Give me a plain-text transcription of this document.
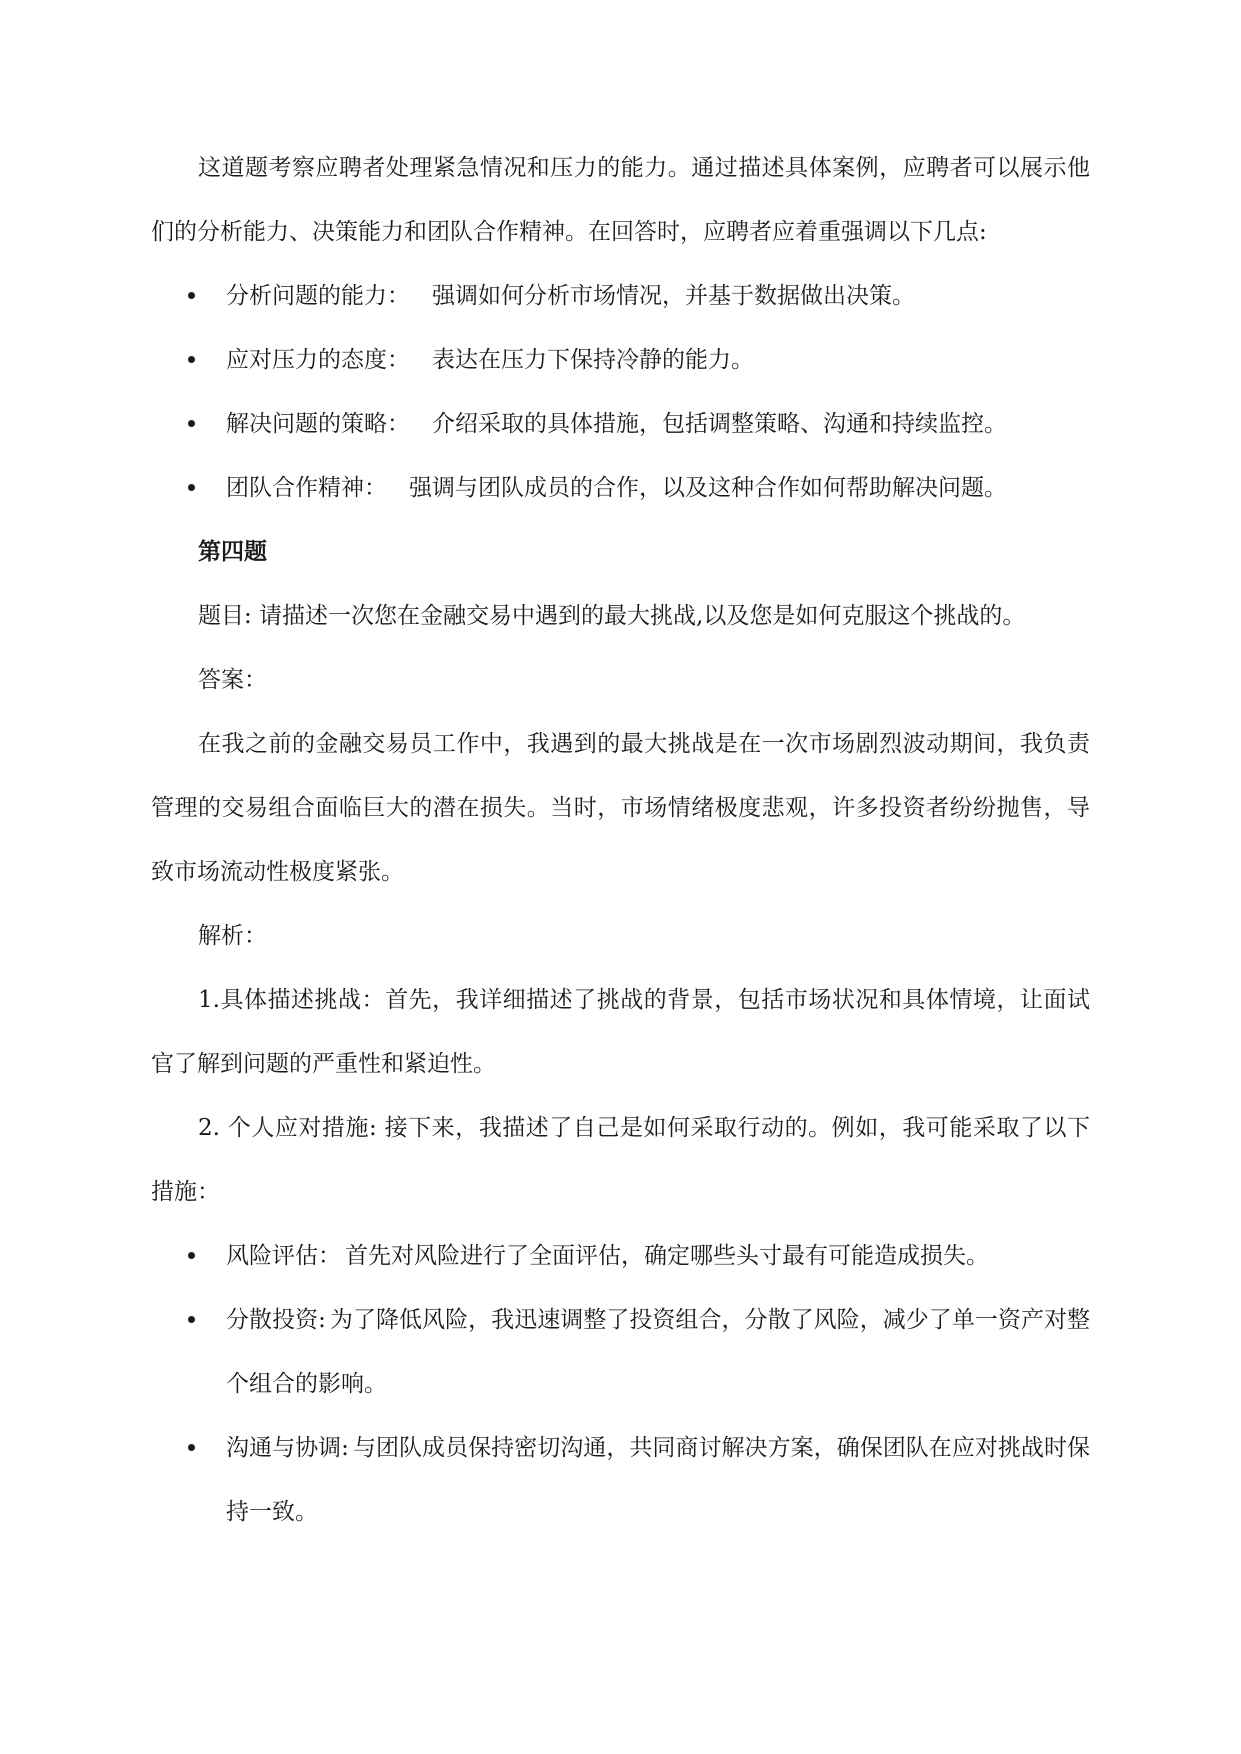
这道题考察应聘者处理紧急情况和压力的能力。通过描述具体案例，应聘者可以展示他们的分析能力、决策能力和团队合作精神。在回答时，应聘者应着重强调以下几点:

分析问题的能力： 强调如何分析市场情况，并基于数据做出决策。
应对压力的态度： 表达在压力下保持冷静的能力。
解决问题的策略： 介绍采取的具体措施，包括调整策略、沟通和持续监控。
团队合作精神： 强调与团队成员的合作，以及这种合作如何帮助解决问题。

第四题

题目: 请描述一次您在金融交易中遇到的最大挑战,以及您是如何克服这个挑战的。

答案：

在我之前的金融交易员工作中，我遇到的最大挑战是在一次市场剧烈波动期间，我负责管理的交易组合面临巨大的潜在损失。当时，市场情绪极度悲观，许多投资者纷纷抛售，导致市场流动性极度紧张。

解析：

1.具体描述挑战：首先，我详细描述了挑战的背景，包括市场状况和具体情境，让面试官了解到问题的严重性和紧迫性。

2. 个人应对措施: 接下来，我描述了自己是如何采取行动的。例如，我可能采取了以下措施：

风险评估： 首先对风险进行了全面评估，确定哪些头寸最有可能造成损失。
分散投资: 为了降低风险，我迅速调整了投资组合，分散了风险，减少了单一资产对整个组合的影响。
沟通与协调: 与团队成员保持密切沟通，共同商讨解决方案，确保团队在应对挑战时保持一致。
